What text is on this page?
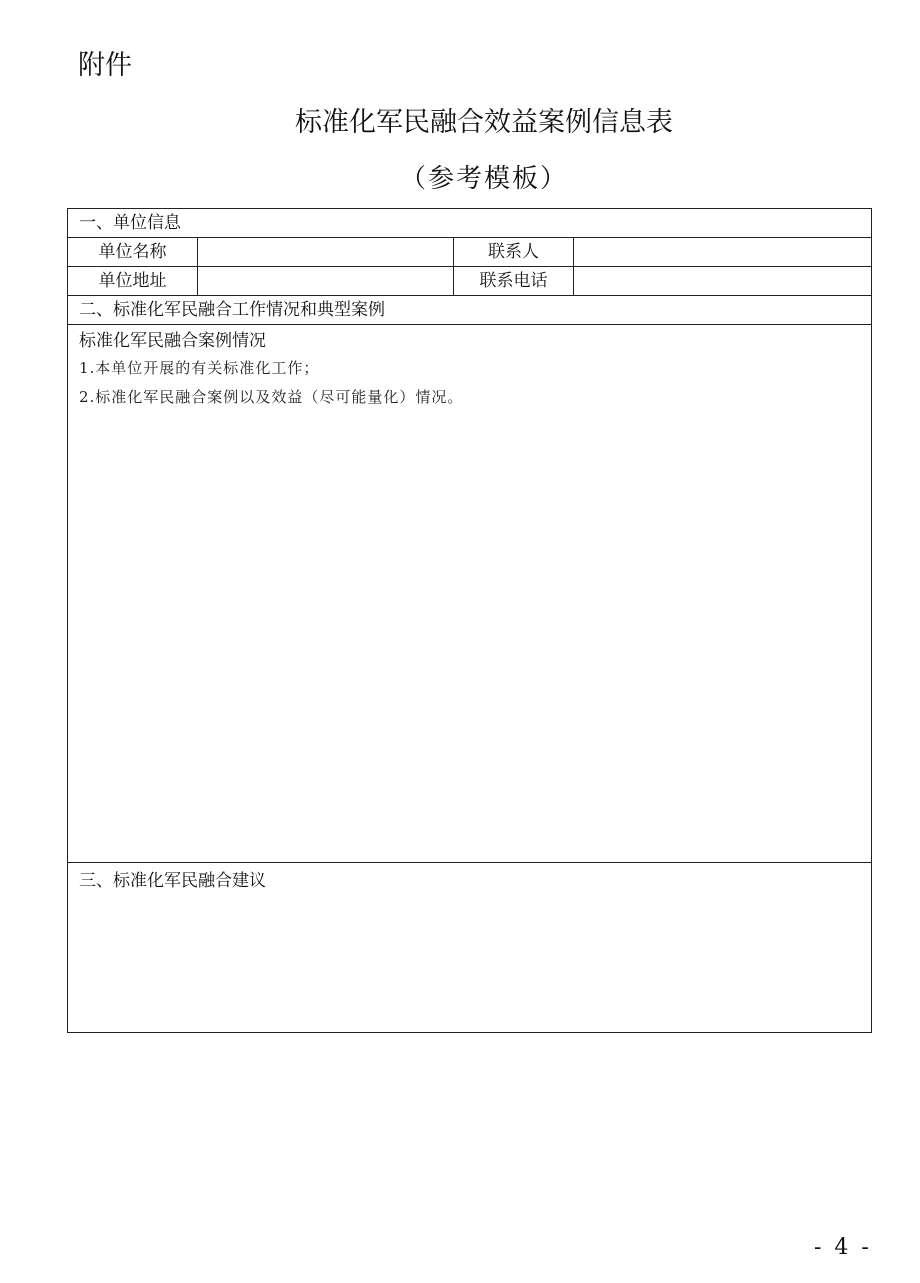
附件
标准化军民融合效益案例信息表
（参考模板）
一、单位信息
单位名称	联系人
单位地址	联系电话
二、标准化军民融合工作情况和典型案例
标准化军民融合案例情况
1.本单位开展的有关标准化工作；
2.标准化军民融合案例以及效益（尽可能量化）情况。
三、标准化军民融合建议
- 4 -
